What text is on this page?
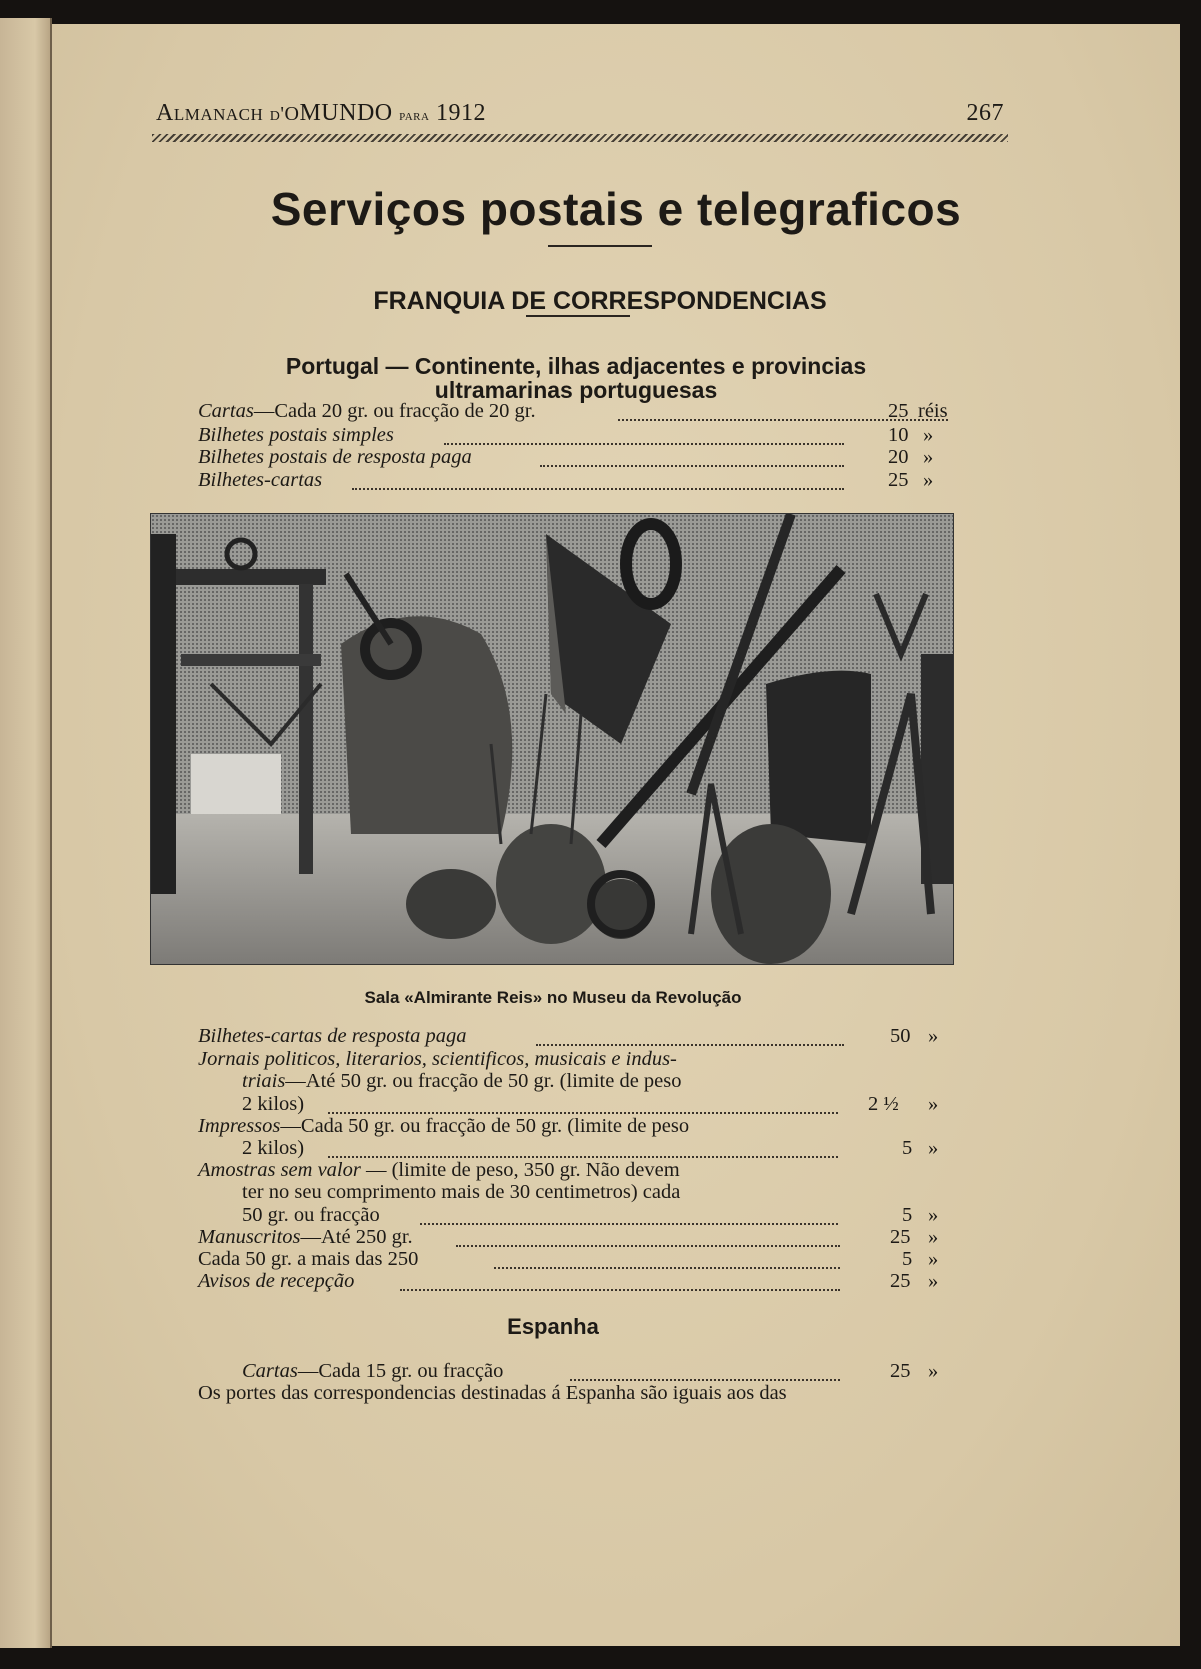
Almanach d'OMUNDO para 1912	267
Serviços postais e telegraficos
FRANQUIA DE CORRESPONDENCIAS
Portugal — Continente, ilhas adjacentes e provincias
ultramarinas portuguesas
Cartas—Cada 20 gr. ou fracção de 20 gr.	25 réis
Bilhetes postais simples	10 »
Bilhetes postais de resposta paga	20 »
Bilhetes-cartas	25 »
Sala «Almirante Reis» no Museu da Revolução
Bilhetes-cartas de resposta paga	50 »
Jornais politicos, literarios, scientificos, musicais e indus-
triais—Até 50 gr. ou fracção de 50 gr. (limite de peso
2 kilos)	2 ½ »
Impressos—Cada 50 gr. ou fracção de 50 gr. (limite de peso
2 kilos)	5 »
Amostras sem valor — (limite de peso, 350 gr. Não devem
ter no seu comprimento mais de 30 centimetros) cada
50 gr. ou fracção	5 »
Manuscritos—Até 250 gr.	25 »
Cada 50 gr. a mais das 250	5 »
Avisos de recepção	25 »
Espanha
Cartas—Cada 15 gr. ou fracção	25 »
Os portes das correspondencias destinadas á Espanha são iguais aos das
